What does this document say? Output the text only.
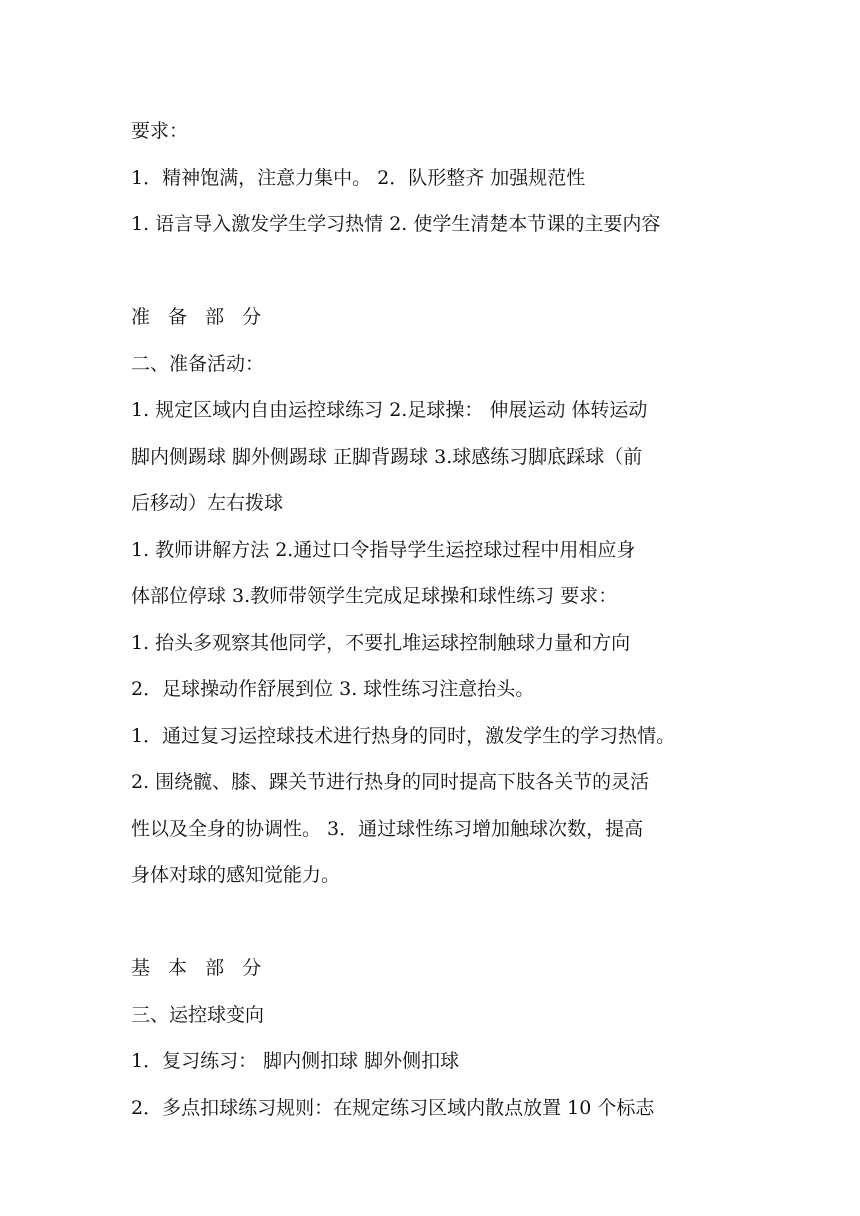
要求：
1．精神饱满，注意力集中。 2．队形整齐 加强规范性
1. 语言导入激发学生学习热情 2. 使学生清楚本节课的主要内容
准 备 部 分
二、准备活动：
1. 规定区域内自由运控球练习 2.足球操： 伸展运动 体转运动
脚内侧踢球 脚外侧踢球 正脚背踢球 3.球感练习脚底踩球（前
后移动）左右拨球
1. 教师讲解方法 2.通过口令指导学生运控球过程中用相应身
体部位停球 3.教师带领学生完成足球操和球性练习 要求：
1. 抬头多观察其他同学，不要扎堆运球控制触球力量和方向
2．足球操动作舒展到位 3. 球性练习注意抬头。
1．通过复习运控球技术进行热身的同时，激发学生的学习热情。
2. 围绕髋、膝、踝关节进行热身的同时提高下肢各关节的灵活
性以及全身的协调性。 3．通过球性练习增加触球次数，提高
身体对球的感知觉能力。
基 本 部 分
三、运控球变向
1．复习练习： 脚内侧扣球 脚外侧扣球
2．多点扣球练习规则：在规定练习区域内散点放置 10 个标志
